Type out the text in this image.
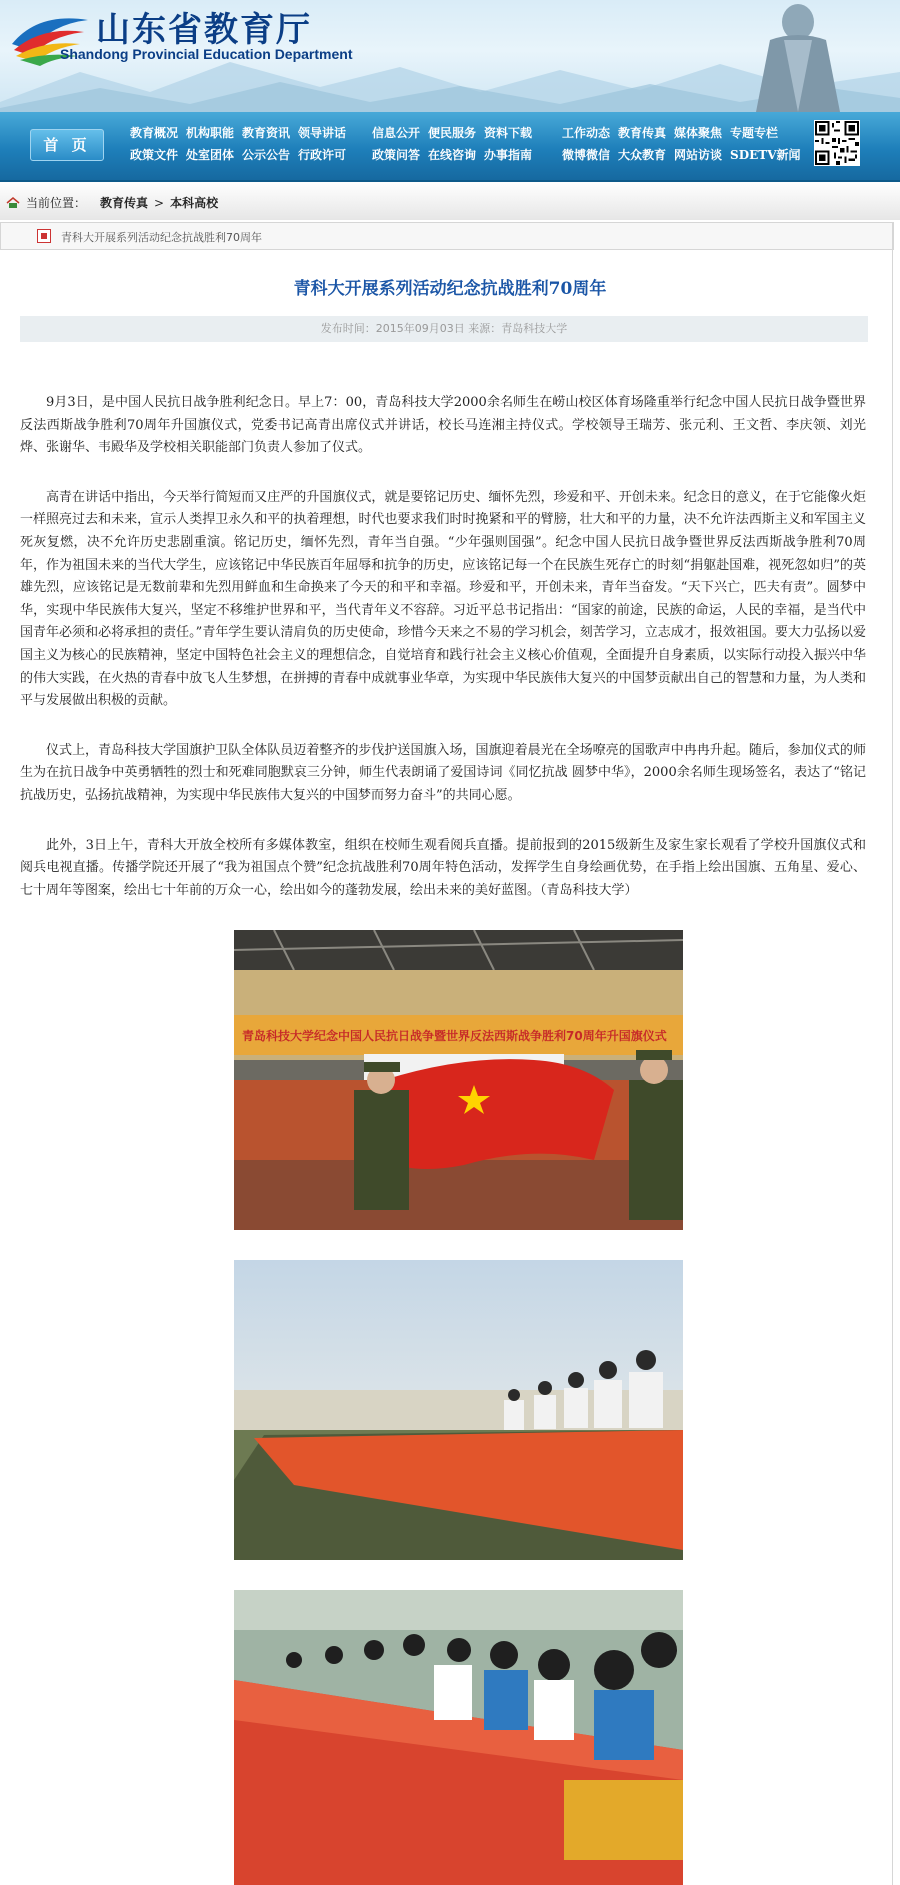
山东省教育厅
Shandong Provincial Education Department
首 页
教育概况 机构职能 教育资讯 领导讲话
政策文件 处室团体 公示公告 行政许可
信息公开 便民服务 资料下载
政策问答 在线咨询 办事指南
工作动态 教育传真 媒体聚焦 专题专栏
微博微信 大众教育 网站访谈 SDETV新闻
当前位置： 教育传真 > 本科高校
青科大开展系列活动纪念抗战胜利70周年
青科大开展系列活动纪念抗战胜利70周年
发布时间：2015年09月03日 来源：青岛科技大学

9月3日，是中国人民抗日战争胜利纪念日。早上7：00，青岛科技大学2000余名师生在崂山校区体育场隆重举行纪念中国人民抗日战争暨世界反法西斯战争胜利70周年升国旗仪式，党委书记高青出席仪式并讲话，校长马连湘主持仪式。学校领导王瑞芳、张元利、王文哲、李庆领、刘光烨、张谢华、韦殿华及学校相关职能部门负责人参加了仪式。

高青在讲话中指出，今天举行简短而又庄严的升国旗仪式，就是要铭记历史、缅怀先烈，珍爱和平、开创未来。纪念日的意义，在于它能像火炬一样照亮过去和未来，宣示人类捍卫永久和平的执着理想，时代也要求我们时时挽紧和平的臂膀，壮大和平的力量，决不允许法西斯主义和军国主义死灰复燃，决不允许历史悲剧重演。铭记历史，缅怀先烈，青年当自强。“少年强则国强”。纪念中国人民抗日战争暨世界反法西斯战争胜利70周年，作为祖国未来的当代大学生，应该铭记中华民族百年屈辱和抗争的历史，应该铭记每一个在民族生死存亡的时刻“捐躯赴国难，视死忽如归”的英雄先烈，应该铭记是无数前辈和先烈用鲜血和生命换来了今天的和平和幸福。珍爱和平，开创未来，青年当奋发。“天下兴亡，匹夫有责”。圆梦中华，实现中华民族伟大复兴，坚定不移维护世界和平，当代青年义不容辞。习近平总书记指出：“国家的前途，民族的命运，人民的幸福，是当代中国青年必须和必将承担的责任。”青年学生要认清肩负的历史使命，珍惜今天来之不易的学习机会，刻苦学习，立志成才，报效祖国。要大力弘扬以爱国主义为核心的民族精神，坚定中国特色社会主义的理想信念，自觉培育和践行社会主义核心价值观，全面提升自身素质，以实际行动投入振兴中华的伟大实践，在火热的青春中放飞人生梦想，在拼搏的青春中成就事业华章，为实现中华民族伟大复兴的中国梦贡献出自己的智慧和力量，为人类和平与发展做出积极的贡献。

仪式上，青岛科技大学国旗护卫队全体队员迈着整齐的步伐护送国旗入场，国旗迎着晨光在全场嘹亮的国歌声中冉冉升起。随后，参加仪式的师生为在抗日战争中英勇牺牲的烈士和死难同胞默哀三分钟，师生代表朗诵了爱国诗词《同忆抗战 圆梦中华》，2000余名师生现场签名，表达了“铭记抗战历史，弘扬抗战精神，为实现中华民族伟大复兴的中国梦而努力奋斗”的共同心愿。

此外，3日上午，青科大开放全校所有多媒体教室，组织在校师生观看阅兵直播。提前报到的2015级新生及家生家长观看了学校升国旗仪式和阅兵电视直播。传播学院还开展了“我为祖国点个赞”纪念抗战胜利70周年特色活动，发挥学生自身绘画优势，在手指上绘出国旗、五角星、爱心、七十周年等图案，绘出七十年前的万众一心，绘出如今的蓬勃发展，绘出未来的美好蓝图。（青岛科技大学）

青岛科技大学纪念中国人民抗日战争暨世界反法西斯战争胜利70周年升国旗仪式
